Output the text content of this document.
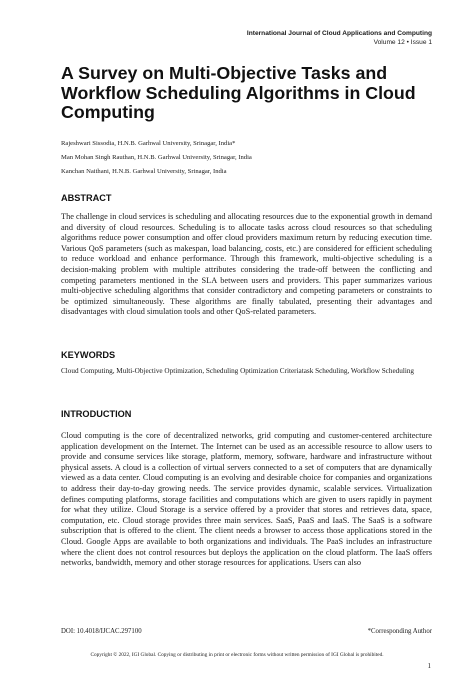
International Journal of Cloud Applications and Computing
Volume 12 • Issue 1
A Survey on Multi-Objective Tasks and Workflow Scheduling Algorithms in Cloud Computing
Rajeshwari Sissodia, H.N.B. Garhwal University, Srinagar, India*
Man Mohan Singh Rauthan, H.N.B. Garhwal University, Srinagar, India
Kanchan Naithani, H.N.B. Garhwal University, Srinagar, India
ABSTRACT

The challenge in cloud services is scheduling and allocating resources due to the exponential growth in demand and diversity of cloud resources. Scheduling is to allocate tasks across cloud resources so that scheduling algorithms reduce power consumption and offer cloud providers maximum return by reducing execution time. Various QoS parameters (such as makespan, load balancing, costs, etc.) are considered for efficient scheduling to reduce workload and enhance performance. Through this framework, multi-objective scheduling is a decision-making problem with multiple attributes considering the trade-off between the conflicting and competing parameters mentioned in the SLA between users and providers. This paper summarizes various multi-objective scheduling algorithms that consider contradictory and competing parameters or constraints to be optimized simultaneously. These algorithms are finally tabulated, presenting their advantages and disadvantages with cloud simulation tools and other QoS-related parameters.

KEYWORDS

Cloud Computing, Multi-Objective Optimization, Scheduling Optimization Criteriatask Scheduling, Workflow Scheduling

INTRODUCTION

Cloud computing is the core of decentralized networks, grid computing and customer-centered architecture application development on the Internet. The Internet can be used as an accessible resource to allow users to provide and consume services like storage, platform, memory, software, hardware and infrastructure without physical assets. A cloud is a collection of virtual servers connected to a set of computers that are dynamically viewed as a data center. Cloud computing is an evolving and desirable choice for companies and organizations to address their day-to-day growing needs. The service provides dynamic, scalable services. Virtualization defines computing platforms, storage facilities and computations which are given to users rapidly in payment for what they utilize. Cloud Storage is a service offered by a provider that stores and retrieves data, space, computation, etc. Cloud storage provides three main services. SaaS, PaaS and IaaS. The SaaS is a software subscription that is offered to the client. The client needs a browser to access those applications stored in the Cloud. Google Apps are available to both organizations and individuals. The PaaS includes an infrastructure where the client does not control resources but deploys the application on the cloud platform. The IaaS offers networks, bandwidth, memory and other storage resources for applications. Users can also

DOI: 10.4018/IJCAC.297100	*Corresponding Author
Copyright © 2022, IGI Global. Copying or distributing in print or electronic forms without written permission of IGI Global is prohibited.
1
